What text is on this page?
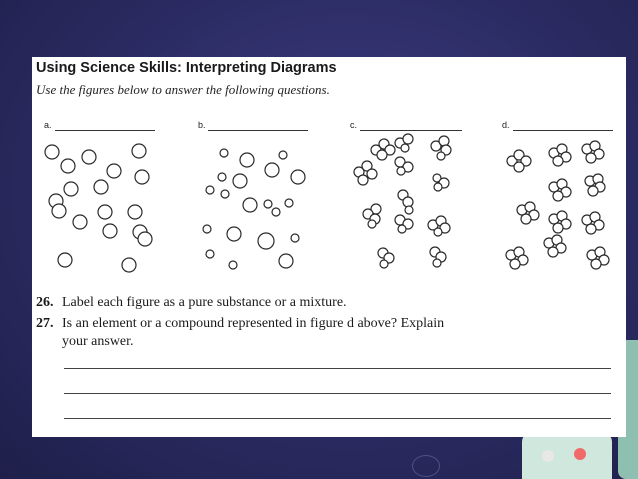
Using Science Skills: Interpreting Diagrams

Use the figures below to answer the following questions.

a.	b.	c.	d.
26. Label each figure as a pure substance or a mixture.
27. Is an element or a compound represented in figure d above? Explain
your answer.
